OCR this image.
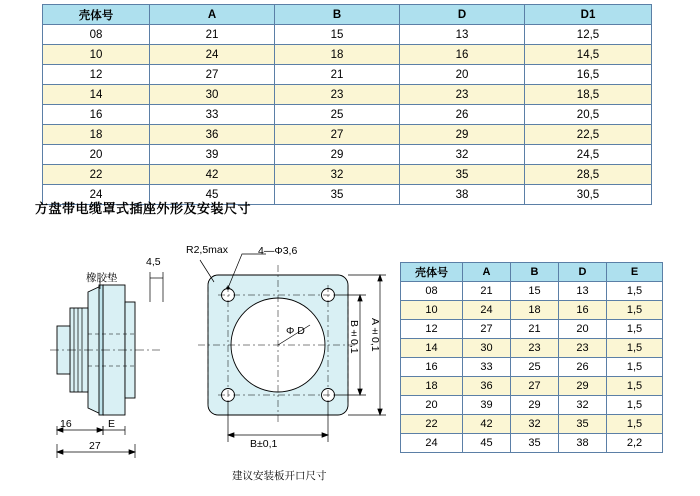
壳体号	A	B	D	D1
08	21	15	13	12,5
10	24	18	16	14,5
12	27	21	20	16,5
14	30	23	23	18,5
16	33	25	26	20,5
18	36	27	29	22,5
20	39	29	32	24,5
22	42	32	35	28,5
24	45	35	38	30,5
方盘带电缆罩式插座外形及安装尺寸
壳体号	A	B	D	E
08	21	15	13	1,5
10	24	18	16	1,5
12	27	21	20	1,5
14	30	23	23	1,5
16	33	25	26	1,5
18	36	27	29	1,5
20	39	29	32	1,5
22	42	32	35	1,5
24	45	35	38	2,2
橡胶垫
4,5
16	E
27
4—Φ3,6
R2,5max
Φ D
B±0,1
B±0,1 A±0,1
建议安装板开口尺寸
